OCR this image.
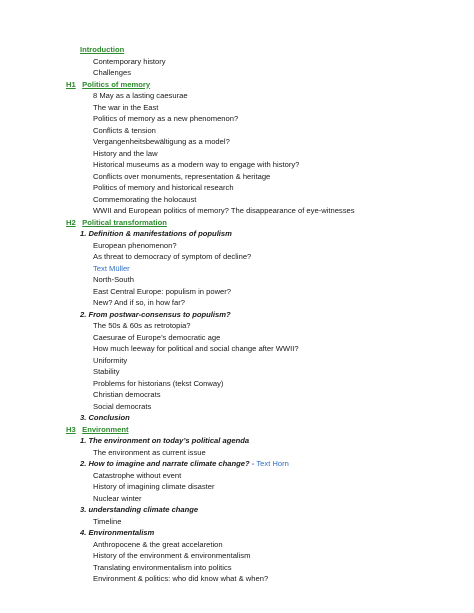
Introduction
Contemporary history
Challenges
H1 Politics of memory
8 May as a lasting caesurae
The war in the East
Politics of memory as a new phenomenon?
Conflicts & tension
Vergangenheitsbewältigung as a model?
History and the law
Historical museums as a modern way to engage with history?
Conflicts over monuments, representation & heritage
Politics of memory and historical research
Commemorating the holocaust
WWII and European politics of memory? The disappearance of eye-witnesses
H2 Political transformation
1. Definition & manifestations of populism
European phenomenon?
As threat to democracy of symptom of decline?
Text Müller
North-South
East Central Europe: populism in power?
New? And if so, in how far?
2. From postwar-consensus to populism?
The 50s & 60s as retrotopia?
Caesurae of Europe’s democratic age
How much leeway for political and social change after WWII?
Uniformity
Stability
Problems for historians (tekst Conway)
Christian democrats
Social democrats
3. Conclusion
H3 Environment
1. The environment on today’s political agenda
The environment as current issue
2. How to imagine and narrate climate change? - Text Horn
Catastrophe without event
History of imagining climate disaster
Nuclear winter
3. understanding climate change
Timeline
4. Environmentalism
Anthropocene & the great accelaretion
History of the environment & environmentalism
Translating environmentalism into politics
Environment & politics: who did know what & when?
